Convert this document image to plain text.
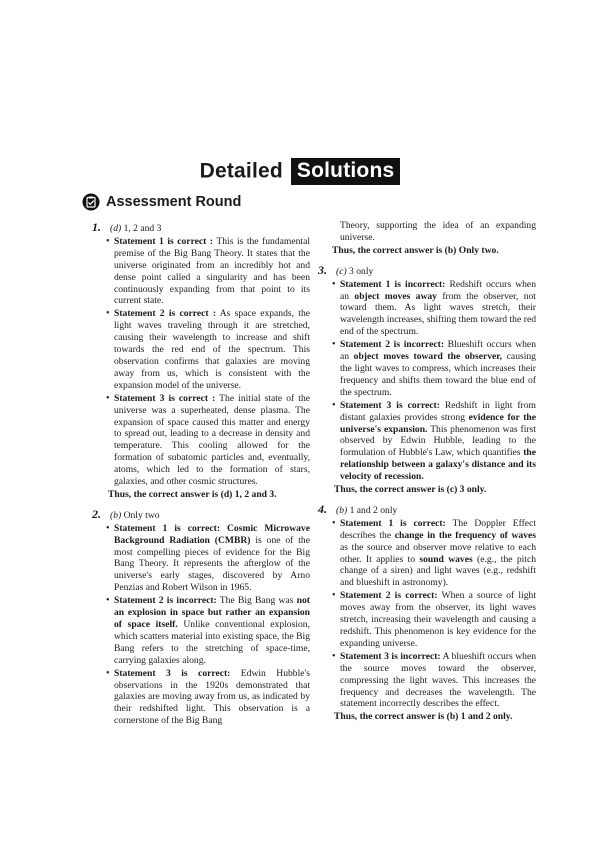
Detailed Solutions
Assessment Round
1. (d) 1, 2 and 3
• Statement 1 is correct : This is the fundamental premise of the Big Bang Theory. It states that the universe originated from an incredibly hot and dense point called a singularity and has been continuously expanding from that point to its current state.
• Statement 2 is correct : As space expands, the light waves traveling through it are stretched, causing their wavelength to increase and shift towards the red end of the spectrum. This observation confirms that galaxies are moving away from us, which is consistent with the expansion model of the universe.
• Statement 3 is correct : The initial state of the universe was a superheated, dense plasma. The expansion of space caused this matter and energy to spread out, leading to a decrease in density and temperature. This cooling allowed for the formation of subatomic particles and, eventually, atoms, which led to the formation of stars, galaxies, and other cosmic structures.
Thus, the correct answer is (d) 1, 2 and 3.
2. (b) Only two
• Statement 1 is correct: Cosmic Microwave Background Radiation (CMBR) is one of the most compelling pieces of evidence for the Big Bang Theory. It represents the afterglow of the universe's early stages, discovered by Arno Penzias and Robert Wilson in 1965.
• Statement 2 is incorrect: The Big Bang was not an explosion in space but rather an expansion of space itself. Unlike conventional explosion, which scatters material into existing space, the Big Bang refers to the stretching of space-time, carrying galaxies along.
• Statement 3 is correct: Edwin Hubble's observations in the 1920s demonstrated that galaxies are moving away from us, as indicated by their redshifted light. This observation is a cornerstone of the Big Bang
Theory, supporting the idea of an expanding universe.
Thus, the correct answer is (b) Only two.
3. (c) 3 only
• Statement 1 is incorrect: Redshift occurs when an object moves away from the observer, not toward them. As light waves stretch, their wavelength increases, shifting them toward the red end of the spectrum.
• Statement 2 is incorrect: Blueshift occurs when an object moves toward the observer, causing the light waves to compress, which increases their frequency and shifts them toward the blue end of the spectrum.
• Statement 3 is correct: Redshift in light from distant galaxies provides strong evidence for the universe's expansion. This phenomenon was first observed by Edwin Hubble, leading to the formulation of Hubble's Law, which quantifies the relationship between a galaxy's distance and its velocity of recession.
Thus, the correct answer is (c) 3 only.
4. (b) 1 and 2 only
• Statement 1 is correct: The Doppler Effect describes the change in the frequency of waves as the source and observer move relative to each other. It applies to sound waves (e.g., the pitch change of a siren) and light waves (e.g., redshift and blueshift in astronomy).
• Statement 2 is correct: When a source of light moves away from the observer, its light waves stretch, increasing their wavelength and causing a redshift. This phenomenon is key evidence for the expanding universe.
• Statement 3 is incorrect: A blueshift occurs when the source moves toward the observer, compressing the light waves. This increases the frequency and decreases the wavelength. The statement incorrectly describes the effect.
Thus, the correct answer is (b) 1 and 2 only.
